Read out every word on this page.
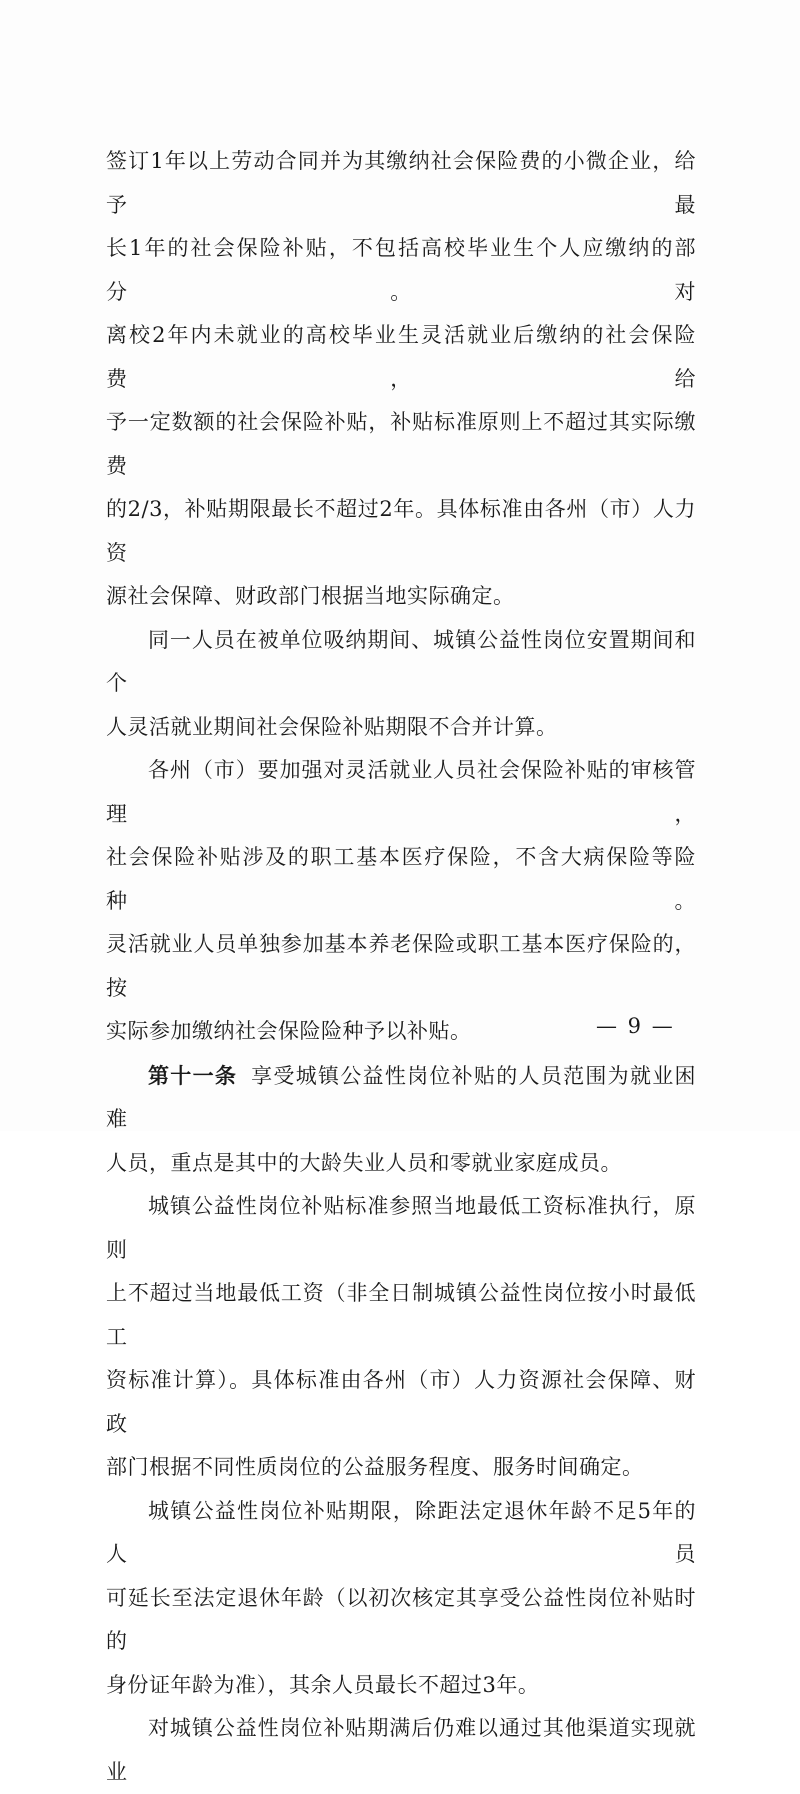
签订1年以上劳动合同并为其缴纳社会保险费的小微企业，给予最

长1年的社会保险补贴，不包括高校毕业生个人应缴纳的部分。对

离校2年内未就业的高校毕业生灵活就业后缴纳的社会保险费，给

予一定数额的社会保险补贴，补贴标准原则上不超过其实际缴费

的2/3，补贴期限最长不超过2年。具体标准由各州（市）人力资

源社会保障、财政部门根据当地实际确定。

同一人员在被单位吸纳期间、城镇公益性岗位安置期间和个

人灵活就业期间社会保险补贴期限不合并计算。

各州（市）要加强对灵活就业人员社会保险补贴的审核管理，

社会保险补贴涉及的职工基本医疗保险，不含大病保险等险种。

灵活就业人员单独参加基本养老保险或职工基本医疗保险的，按

实际参加缴纳社会保险险种予以补贴。

第十一条 享受城镇公益性岗位补贴的人员范围为就业困难

人员，重点是其中的大龄失业人员和零就业家庭成员。

城镇公益性岗位补贴标准参照当地最低工资标准执行，原则

上不超过当地最低工资（非全日制城镇公益性岗位按小时最低工

资标准计算）。具体标准由各州（市）人力资源社会保障、财政

部门根据不同性质岗位的公益服务程度、服务时间确定。

城镇公益性岗位补贴期限，除距法定退休年龄不足5年的人员

可延长至法定退休年龄（以初次核定其享受公益性岗位补贴时的

身份证年龄为准），其余人员最长不超过3年。

对城镇公益性岗位补贴期满后仍难以通过其他渠道实现就业

— 9 —
